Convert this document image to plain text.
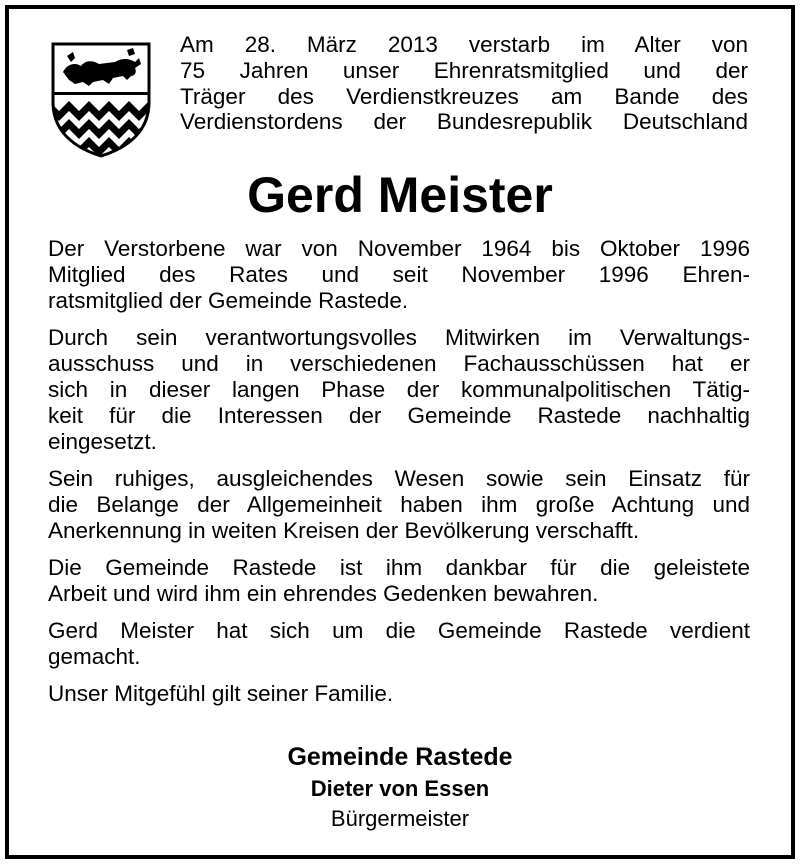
Am 28. März 2013 verstarb im Alter von
75 Jahren unser Ehrenratsmitglied und der
Träger des Verdienstkreuzes am Bande des
Verdienstordens der Bundesrepublik Deutschland
Gerd Meister
Der Verstorbene war von November 1964 bis Oktober 1996
Mitglied des Rates und seit November 1996 Ehren-
ratsmitglied der Gemeinde Rastede.
Durch sein verantwortungsvolles Mitwirken im Verwaltungs-
ausschuss und in verschiedenen Fachausschüssen hat er
sich in dieser langen Phase der kommunalpolitischen Tätig-
keit für die Interessen der Gemeinde Rastede nachhaltig
eingesetzt.
Sein ruhiges, ausgleichendes Wesen sowie sein Einsatz für
die Belange der Allgemeinheit haben ihm große Achtung und
Anerkennung in weiten Kreisen der Bevölkerung verschafft.
Die Gemeinde Rastede ist ihm dankbar für die geleistete
Arbeit und wird ihm ein ehrendes Gedenken bewahren.
Gerd Meister hat sich um die Gemeinde Rastede verdient
gemacht.
Unser Mitgefühl gilt seiner Familie.
Gemeinde Rastede
Dieter von Essen
Bürgermeister
